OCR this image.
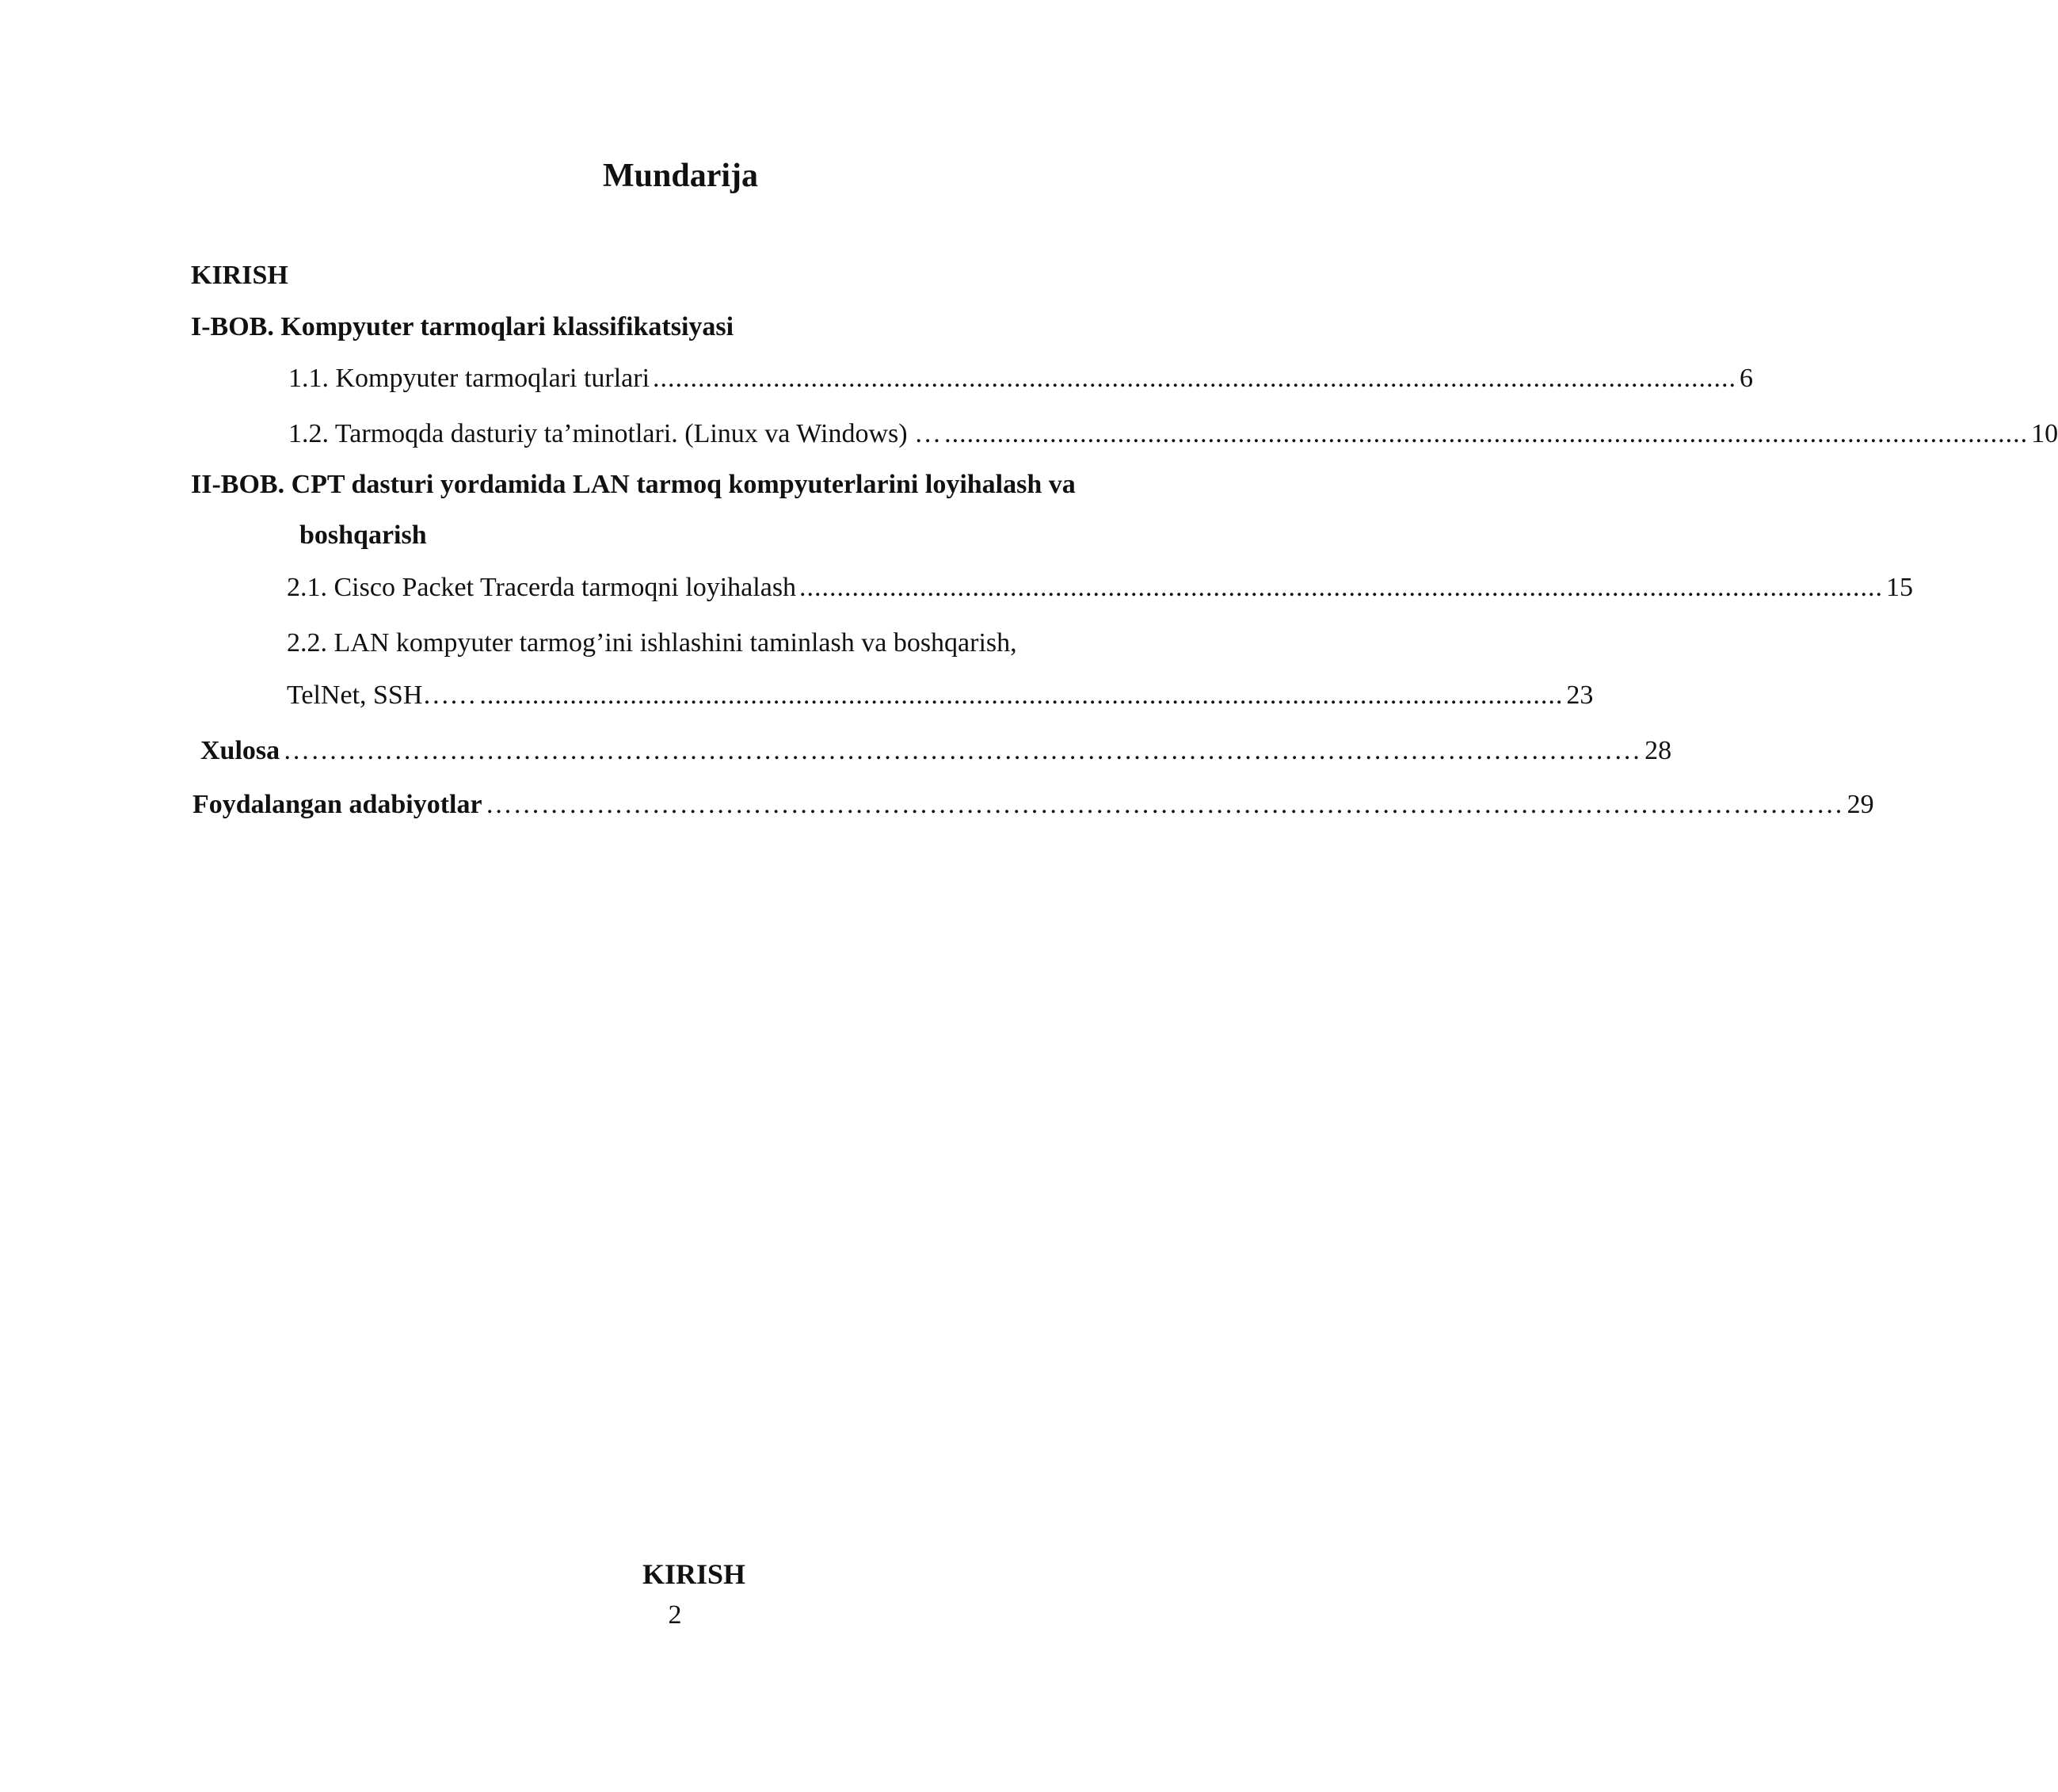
Mundarija
KIRISH
I-BOB. Kompyuter tarmoqlari klassifikatsiyasi
1.1. Kompyuter tarmoqlari turlari ................................................................................................................................................ 6
1.2. Tarmoqda dasturiy ta’minotlari. (Linux va Windows) … ................................................................................................................................................ 10
II-BOB. CPT dasturi yordamida LAN tarmoq kompyuterlarini loyihalash va
boshqarish
2.1. Cisco Packet Tracerda tarmoqni loyihalash ................................................................................................................................................ 15
2.2. LAN kompyuter tarmog’ini ishlashini taminlash va boshqarish,
TelNet, SSH…… ................................................................................................................................................ 23
Xulosa ………………………………………………………………………………………………………………………………… 28
Foydalangan adabiyotlar ………………………………………………………………………………………………………………………………… 29
KIRISH
2
